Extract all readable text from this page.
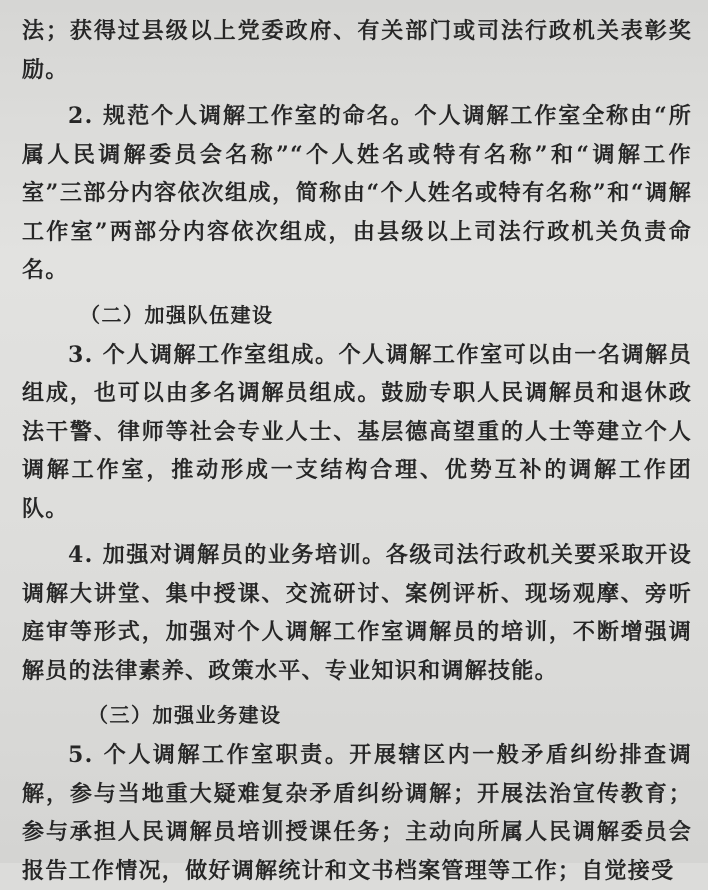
法；获得过县级以上党委政府、有关部门或司法行政机关表彰奖励。

2. 规范个人调解工作室的命名。个人调解工作室全称由“所属人民调解委员会名称”“个人姓名或特有名称”和“调解工作室”三部分内容依次组成，简称由“个人姓名或特有名称”和“调解工作室”两部分内容依次组成，由县级以上司法行政机关负责命名。

（二）加强队伍建设

3. 个人调解工作室组成。个人调解工作室可以由一名调解员组成，也可以由多名调解员组成。鼓励专职人民调解员和退休政法干警、律师等社会专业人士、基层德高望重的人士等建立个人调解工作室，推动形成一支结构合理、优势互补的调解工作团队。

4. 加强对调解员的业务培训。各级司法行政机关要采取开设调解大讲堂、集中授课、交流研讨、案例评析、现场观摩、旁听庭审等形式，加强对个人调解工作室调解员的培训，不断增强调解员的法律素养、政策水平、专业知识和调解技能。

（三）加强业务建设

5. 个人调解工作室职责。开展辖区内一般矛盾纠纷排查调解，参与当地重大疑难复杂矛盾纠纷调解；开展法治宣传教育；参与承担人民调解员培训授课任务；主动向所属人民调解委员会报告工作情况，做好调解统计和文书档案管理等工作；自觉接受
